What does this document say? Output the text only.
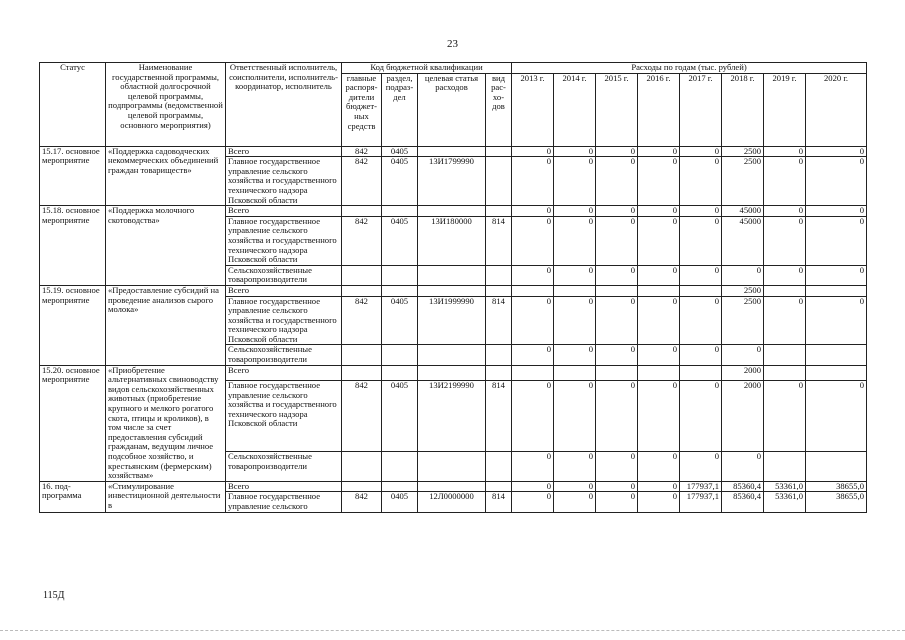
23
Статус	Наименование государственной программы, областной долгосрочной целевой программы, подпрограммы (ведомственной целевой программы, основного мероприятия)	Ответственный исполнитель, соисполнители, исполнитель-координатор, исполнитель	Код бюджетной квалификации				Расходы по годам (тыс. рублей)							
			главные распоря-дители бюджет-ных средств	раздел, подраз-дел	целевая статья расходов	вид рас-хо-дов	2013 г.	2014 г.	2015 г.	2016 г.	2017 г.	2018 г.	2019 г.	2020 г.
15.17. основное мероприятие	«Поддержка садоводческих некоммерческих объединений граждан товариществ»	Всего	842	0405			0	0	0	0	0	2500	0	0
		Главное государственное управление сельского хозяйства и государственного технического надзора Псковской области	842	0405	13И1799990		0	0	0	0	0	2500	0	0
15.18. основное мероприятие	«Поддержка молочного скотоводства»	Всего					0	0	0	0	0	45000	0	0
		Главное государственное управление сельского хозяйства и государственного технического надзора Псковской области	842	0405	13И180000	814	0	0	0	0	0	45000	0	0
		Сельскохозяйственные товаропроизводители					0	0	0	0	0	0	0	0
15.19. основное мероприятие	«Предоставление субсидий на проведение анализов сырого молока»	Всего										2500		
		Главное государственное управление сельского хозяйства и государственного технического надзора Псковской области	842	0405	13И1999990	814	0	0	0	0	0	2500	0	0
		Сельскохозяйственные товаропроизводители					0	0	0	0	0	0		
15.20. основное мероприятие	«Приобретение альтернативных свиноводству видов сельскохозяйственных животных (приобретение крупного и мелкого рогатого скота, птицы и кроликов), в том числе за счет предоставления субсидий гражданам, ведущим личное подсобное хозяйство, и крестьянским (фермерским) хозяйствам»	Всего										2000		
		Главное государственное управление сельского хозяйства и государственного технического надзора Псковской области	842	0405	13И2199990	814	0	0	0	0	0	2000	0	0
		Сельскохозяйственные товаропроизводители					0	0	0	0	0	0		
16. под-программа	«Стимулирование инвестиционной деятельности в	Всего					0	0	0	0	177937,1	85360,4	53361,0	38655,0
		Главное государственное управление сельского	842	0405	12Л0000000	814	0	0	0	0	177937,1	85360,4	53361,0	38655,0
115Д
